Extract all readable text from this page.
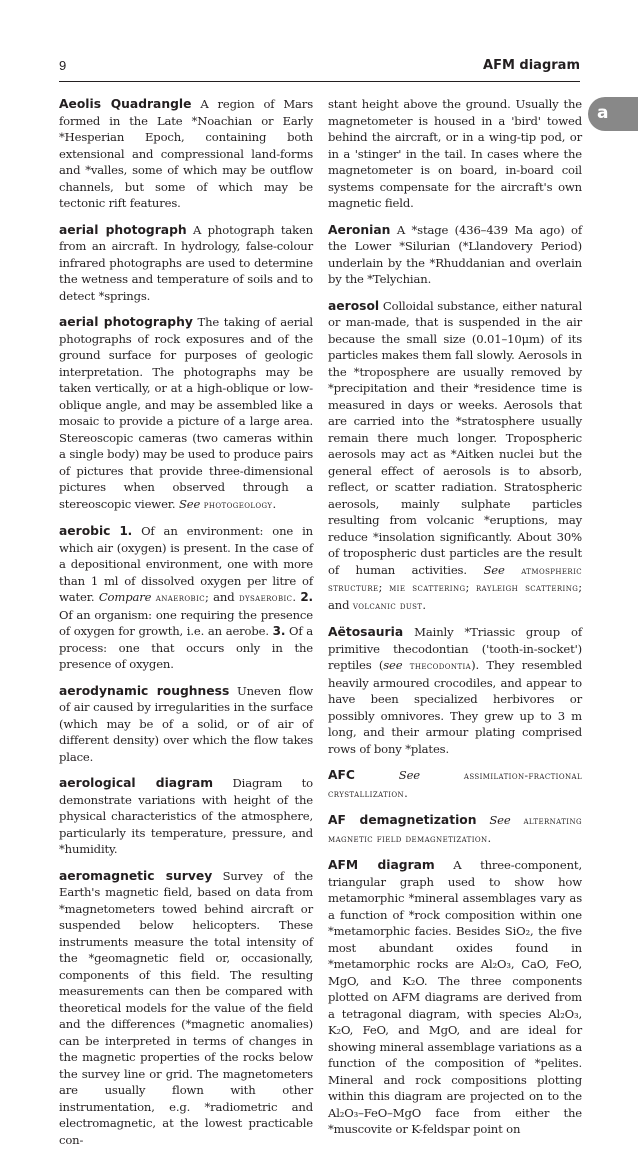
9	AFM diagram
a

Aeolis Quadrangle A region of Mars formed in the Late *Noachian or Early *Hesperian Epoch, containing both extensional and compressional land-forms and *valles, some of which may be outflow channels, but some of which may be tectonic rift features.

aerial photograph A photograph taken from an aircraft. In hydrology, false-colour infrared photographs are used to determine the wetness and temperature of soils and to detect *springs.

aerial photography The taking of aerial photographs of rock exposures and of the ground surface for purposes of geologic interpretation. The photographs may be taken vertically, or at a high-oblique or low-oblique angle, and may be assembled like a mosaic to provide a picture of a large area. Stereoscopic cameras (two cameras within a single body) may be used to produce pairs of pictures that provide three-dimensional pictures when observed through a stereoscopic viewer. See photogeology.

aerobic 1. Of an environment: one in which air (oxygen) is present. In the case of a depositional environment, one with more than 1 ml of dissolved oxygen per litre of water. Compare anaerobic; and dysaerobic. 2. Of an organism: one requiring the presence of oxygen for growth, i.e. an aerobe. 3. Of a process: one that occurs only in the presence of oxygen.

aerodynamic roughness Uneven flow of air caused by irregularities in the surface (which may be of a solid, or of air of different density) over which the flow takes place.

aerological diagram Diagram to demonstrate variations with height of the physical characteristics of the atmosphere, particularly its temperature, pressure, and *humidity.

aeromagnetic survey Survey of the Earth's magnetic field, based on data from *magnetometers towed behind aircraft or suspended below helicopters. These instruments measure the total intensity of the *geomagnetic field or, occasionally, components of this field. The resulting measurements can then be compared with theoretical models for the value of the field and the differences (*magnetic anomalies) can be interpreted in terms of changes in the magnetic properties of the rocks below the survey line or grid. The magnetometers are usually flown with other instrumentation, e.g. *radiometric and electromagnetic, at the lowest practicable con-

stant height above the ground. Usually the magnetometer is housed in a 'bird' towed behind the aircraft, or in a wing-tip pod, or in a 'stinger' in the tail. In cases where the magnetometer is on board, in-board coil systems compensate for the aircraft's own magnetic field.

Aeronian A *stage (436–439 Ma ago) of the Lower *Silurian (*Llandovery Period) underlain by the *Rhuddanian and overlain by the *Telychian.

aerosol Colloidal substance, either natural or man-made, that is suspended in the air because the small size (0.01–10μm) of its particles makes them fall slowly. Aerosols in the *troposphere are usually removed by *precipitation and their *residence time is measured in days or weeks. Aerosols that are carried into the *stratosphere usually remain there much longer. Tropospheric aerosols may act as *Aitken nuclei but the general effect of aerosols is to absorb, reflect, or scatter radiation. Stratospheric aerosols, mainly sulphate particles resulting from volcanic *eruptions, may reduce *insolation significantly. About 30% of tropospheric dust particles are the result of human activities. See atmospheric structure; mie scattering; rayleigh scattering; and volcanic dust.

Aëtosauria Mainly *Triassic group of primitive thecodontian ('tooth-in-socket') reptiles (see thecodontia). They resembled heavily armoured crocodiles, and appear to have been specialized herbivores or possibly omnivores. They grew up to 3 m long, and their armour plating comprised rows of bony *plates.

AFC	See	assimilation-fractional crystallization.

AF demagnetization See alternating magnetic field demagnetization.

AFM diagram A three-component, triangular graph used to show how metamorphic *mineral assemblages vary as a function of *rock composition within one *metamorphic facies. Besides SiO₂, the five most abundant oxides found in *metamorphic rocks are Al₂O₃, CaO, FeO, MgO, and K₂O. The three components plotted on AFM diagrams are derived from a tetragonal diagram, with species Al₂O₃, K₂O, FeO, and MgO, and are ideal for showing mineral assemblage variations as a function of the composition of *pelites. Mineral and rock compositions plotting within this diagram are projected on to the Al₂O₃–FeO–MgO face from either the *muscovite or K-feldspar point on
